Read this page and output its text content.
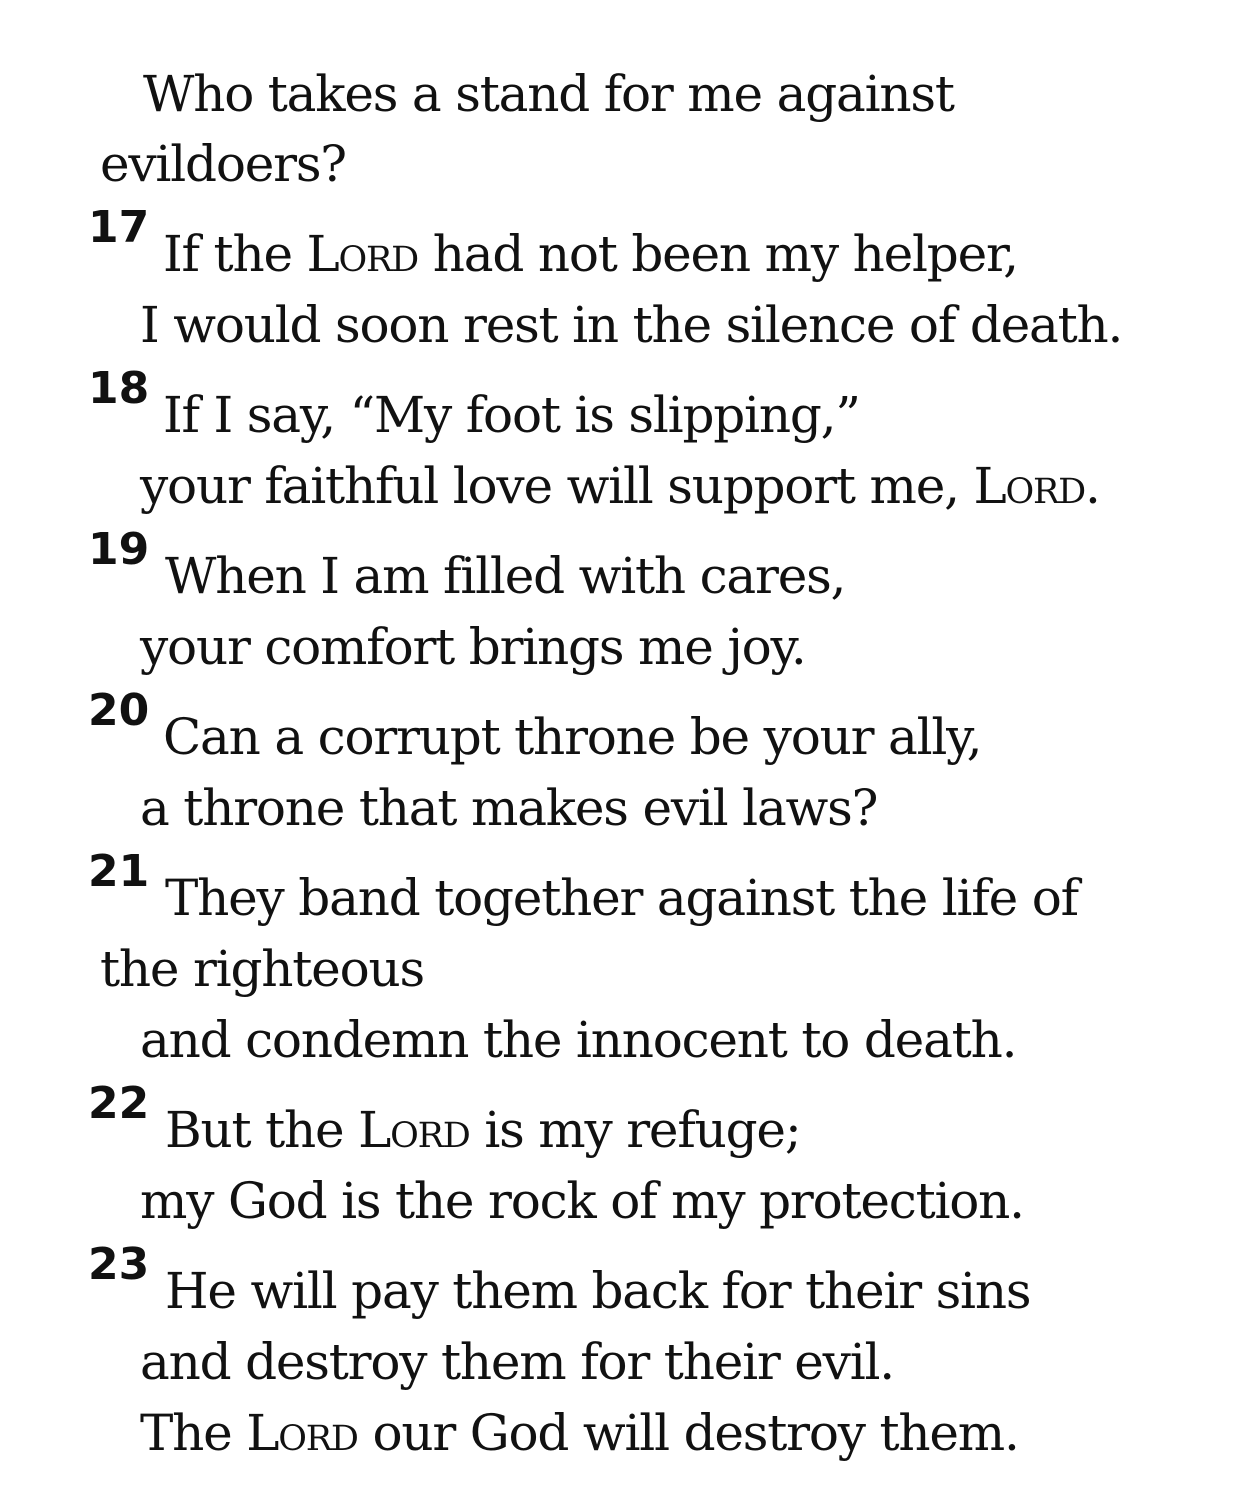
Who takes a stand for me against
evildoers?
17 If the Lord had not been my helper,
I would soon rest in the silence of death.
18 If I say, “My foot is slipping,”
your faithful love will support me, Lord.
19 When I am filled with cares,
your comfort brings me joy.
20 Can a corrupt throne be your ally,
a throne that makes evil laws?
21 They band together against the life of
the righteous
and condemn the innocent to death.
22 But the Lord is my refuge;
my God is the rock of my protection.
23 He will pay them back for their sins
and destroy them for their evil.
The Lord our God will destroy them.
